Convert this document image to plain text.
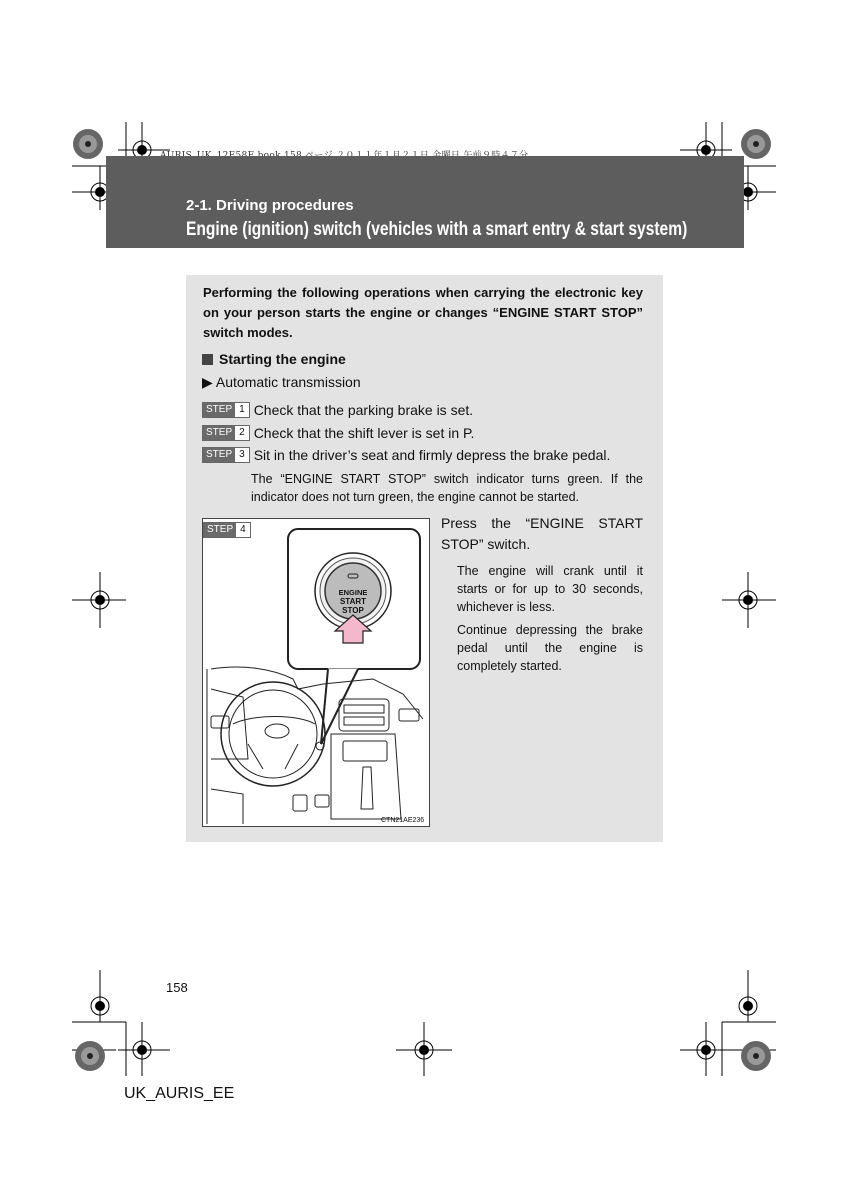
2-1. Driving procedures
Engine (ignition) switch (vehicles with a smart entry & start system)
Performing the following operations when carrying the electronic key on your person starts the engine or changes “ENGINE START STOP” switch modes.
Starting the engine
▶ Automatic transmission
STEP 1 Check that the parking brake is set.
STEP 2 Check that the shift lever is set in P.
STEP 3 Sit in the driver’s seat and firmly depress the brake pedal.
The “ENGINE START STOP” switch indicator turns green. If the indicator does not turn green, the engine cannot be started.
ENGINE
START
STOP
CTN21AE236
STEP 4	Press the “ENGINE START STOP” switch.
The engine will crank until it starts or for up to 30 seconds, whichever is less.
Continue depressing the brake pedal until the engine is completely started.
158
UK_AURIS_EE
